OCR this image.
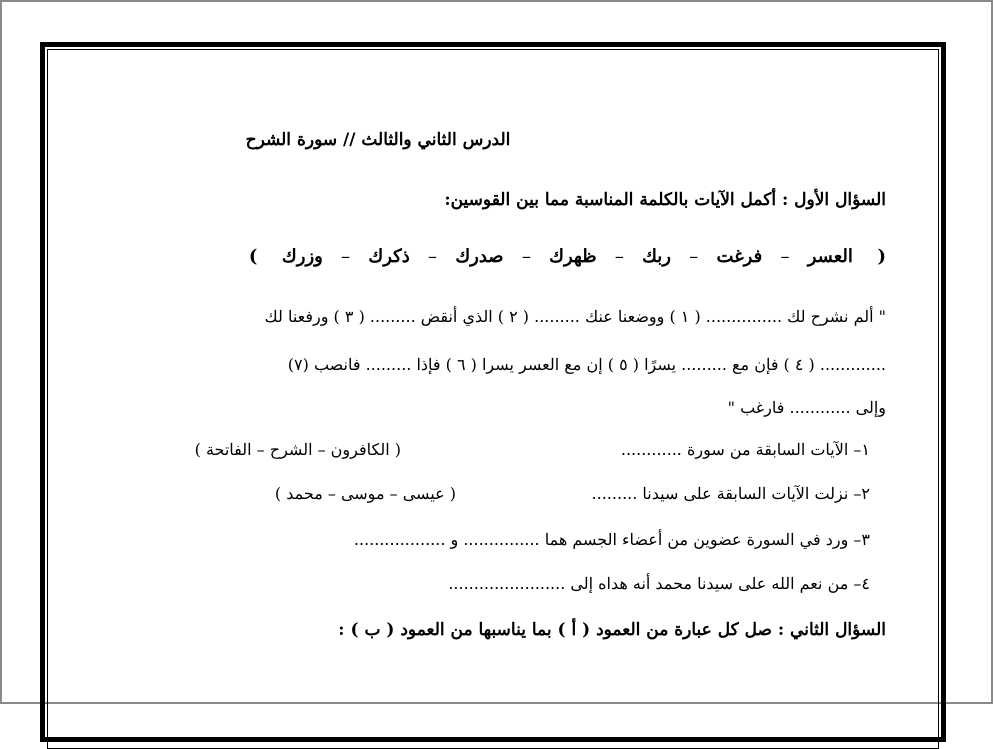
الدرس الثاني والثالث // سورة الشرح
السؤال الأول : أكمل الآيات بالكلمة المناسبة مما بين القوسين:
(  العسر – فرغت – ربك – ظهرك – صدرك – ذكرك – وزرك  )
" ألم نشرح لك ............... ( ١ ) ووضعنا عنك ......... ( ٢ ) الذي أنقض ......... ( ٣ ) ورفعنا لك
............. ( ٤ ) فإن مع ......... يسرًا ( ٥ ) إن مع العسر يسرا ( ٦ ) فإذا ......... فانصب (٧)
وإلى ............ فارغب "
١– الآيات السابقة من سورة ............
( الكافرون – الشرح – الفاتحة )
٢– نزلت الآيات السابقة على سيدنا .........
( عيسى – موسى – محمد )
٣– ورد في السورة عضوين من أعضاء الجسم هما ............... و ..................
٤– من نعم الله على سيدنا محمد أنه هداه إلى .......................
السؤال الثاني : صل كل عبارة من العمود ( أ ) بما يناسبها من العمود ( ب ) :
